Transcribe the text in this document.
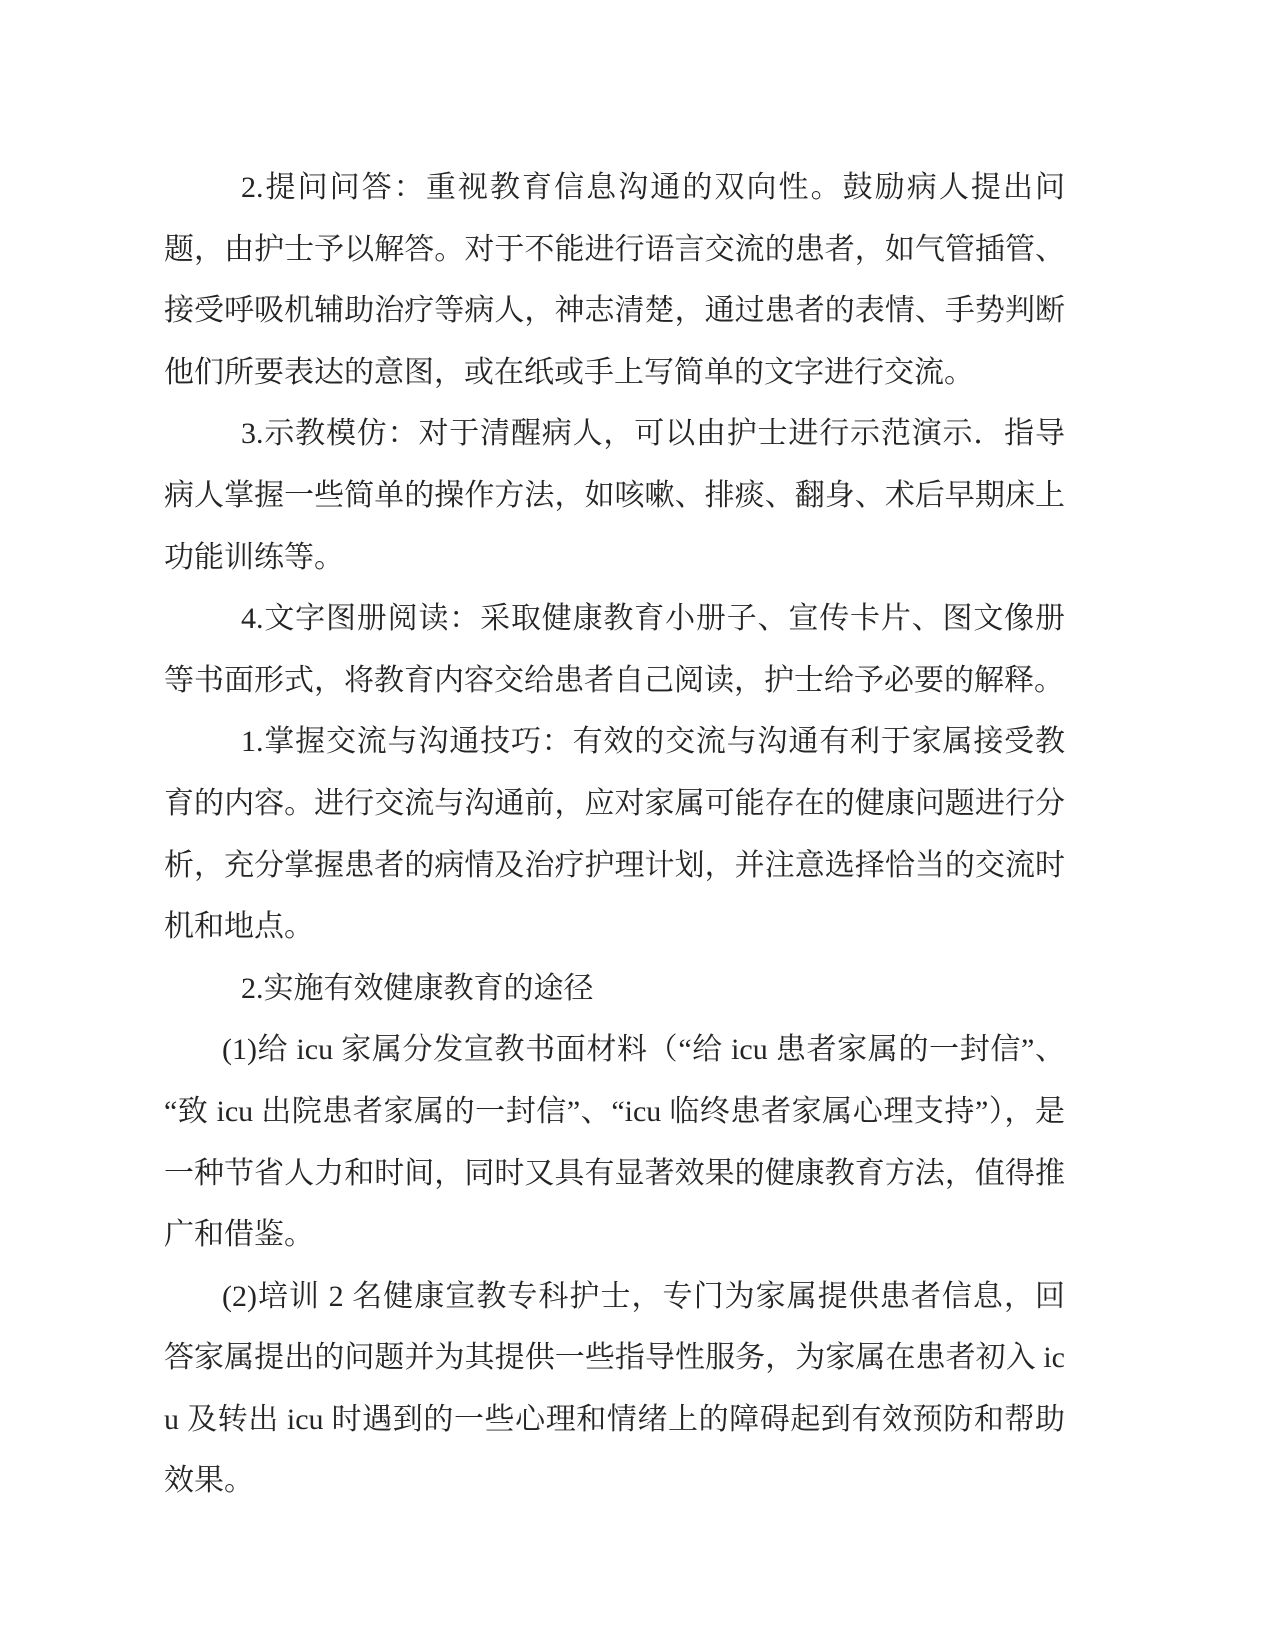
2.提问问答：重视教育信息沟通的双向性。鼓励病人提出问题，由护士予以解答。对于不能进行语言交流的患者，如气管插管、接受呼吸机辅助治疗等病人，神志清楚，通过患者的表情、手势判断他们所要表达的意图，或在纸或手上写简单的文字进行交流。

3.示教模仿：对于清醒病人，可以由护士进行示范演示．指导病人掌握一些简单的操作方法，如咳嗽、排痰、翻身、术后早期床上功能训练等。

4.文字图册阅读：采取健康教育小册子、宣传卡片、图文像册等书面形式，将教育内容交给患者自己阅读，护士给予必要的解释。

1.掌握交流与沟通技巧：有效的交流与沟通有利于家属接受教育的内容。进行交流与沟通前，应对家属可能存在的健康问题进行分析，充分掌握患者的病情及治疗护理计划，并注意选择恰当的交流时机和地点。

2.实施有效健康教育的途径

(1)给 icu 家属分发宣教书面材料（“给 icu 患者家属的一封信”、“致 icu 出院患者家属的一封信”、“icu 临终患者家属心理支持”），是一种节省人力和时间，同时又具有显著效果的健康教育方法，值得推广和借鉴。

(2)培训 2 名健康宣教专科护士，专门为家属提供患者信息，回答家属提出的问题并为其提供一些指导性服务，为家属在患者初入 icu 及转出 icu 时遇到的一些心理和情绪上的障碍起到有效预防和帮助效果。
